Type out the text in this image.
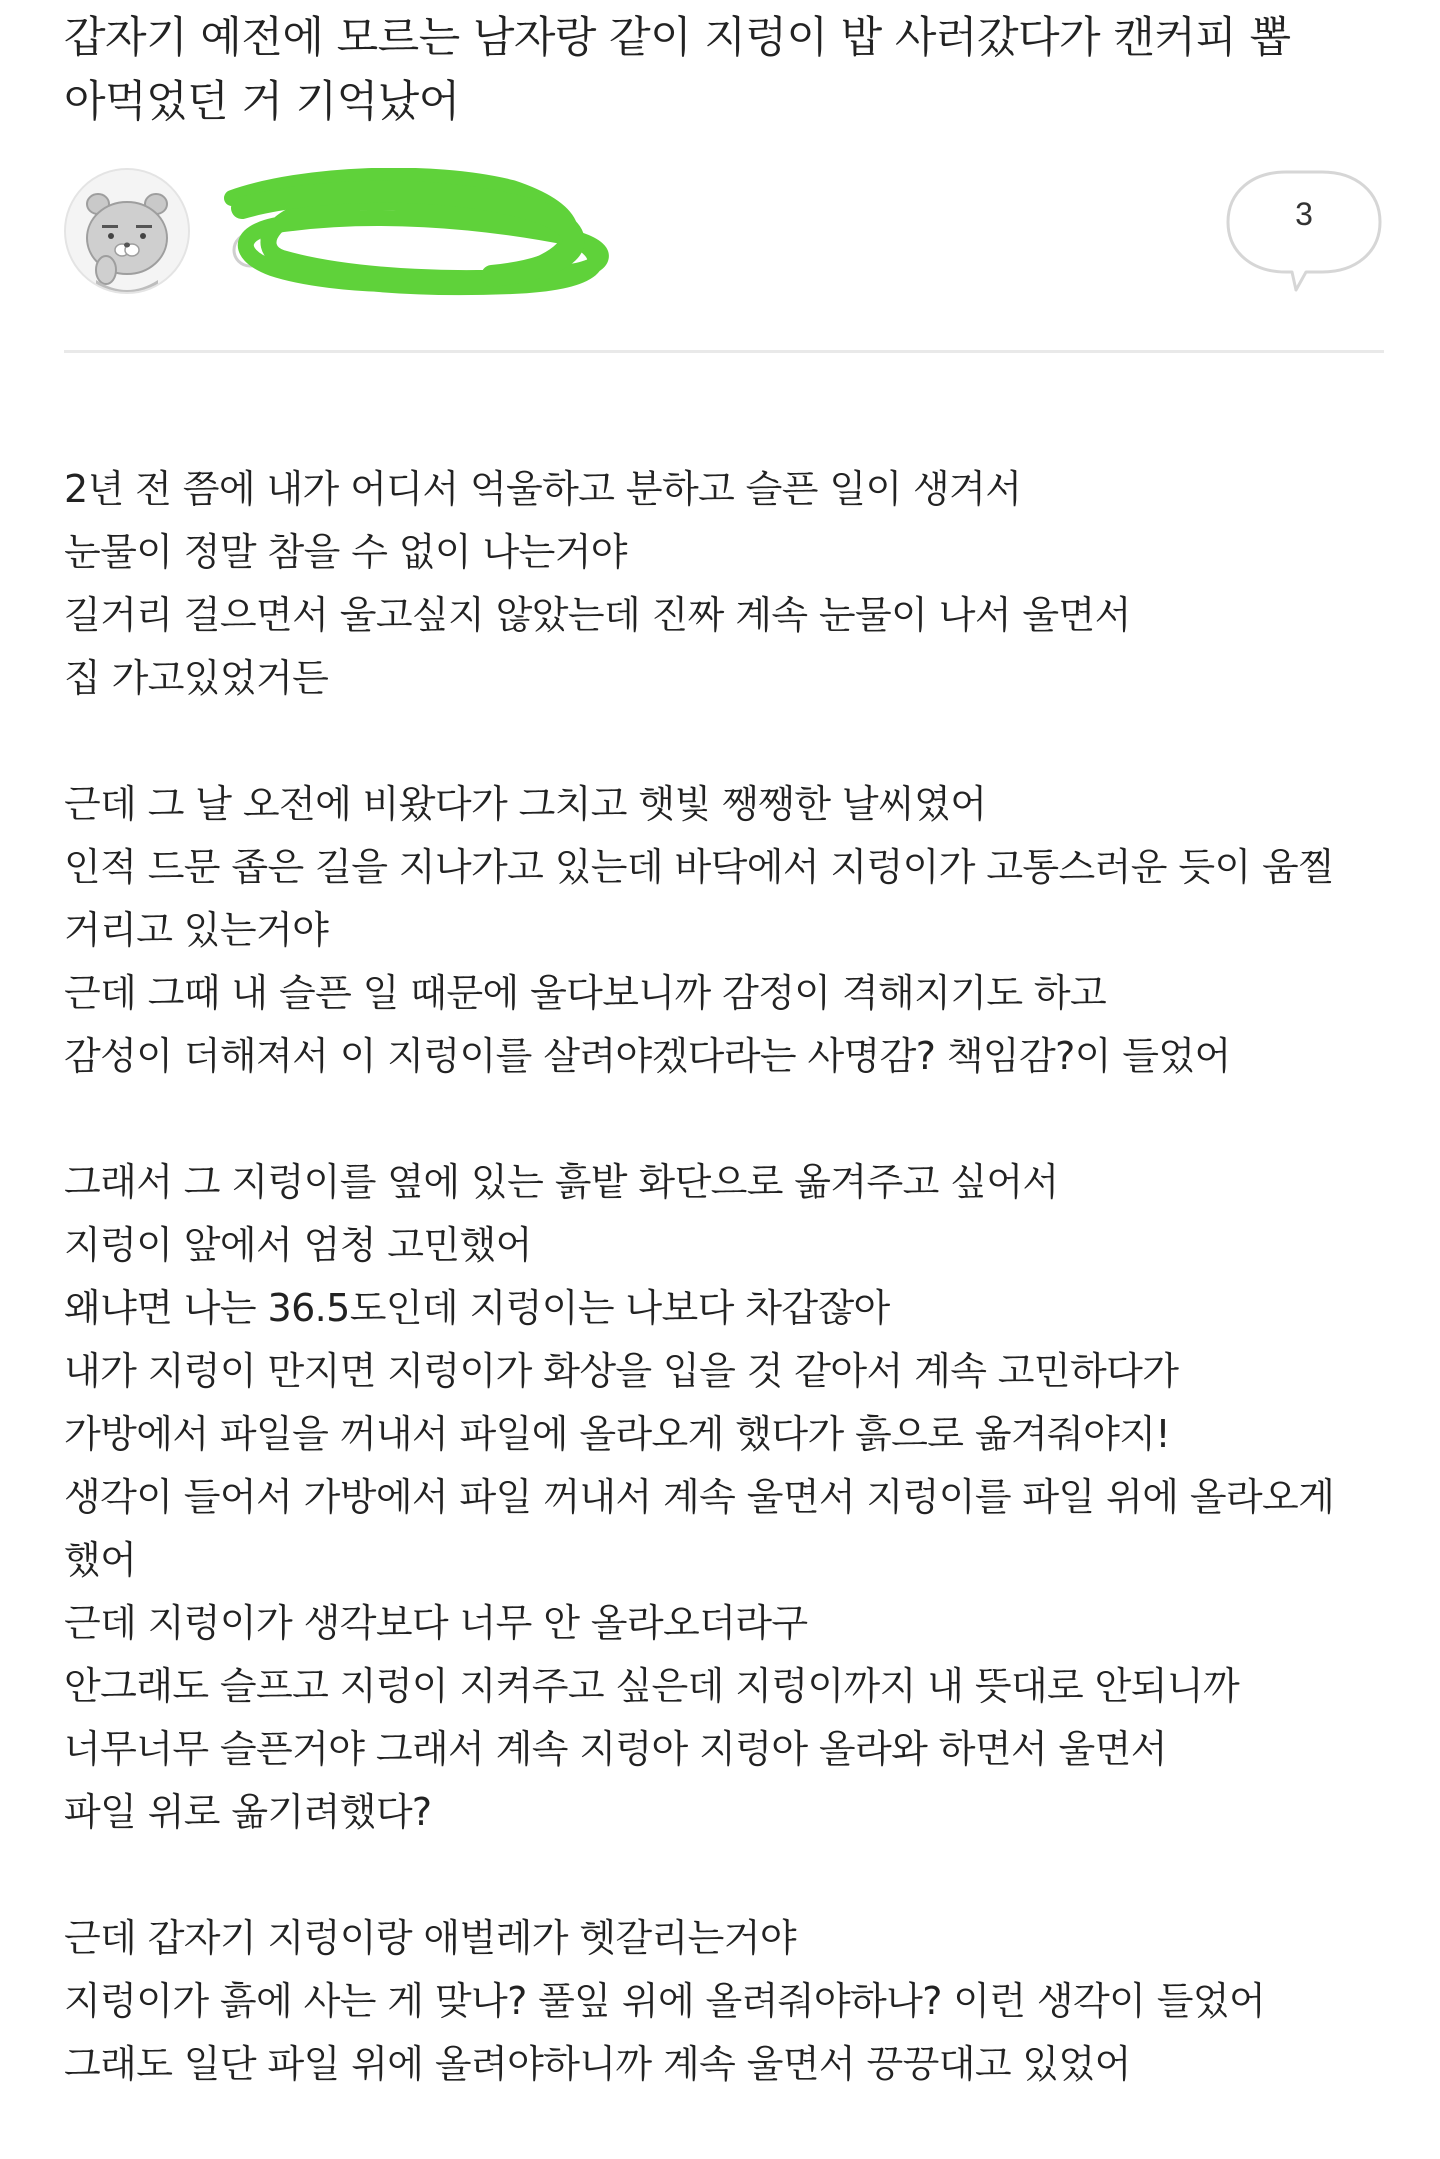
갑자기 예전에 모르는 남자랑 같이 지렁이 밥 사러갔다가 캔커피 뽑
아먹었던 거 기억났어
3
2년 전 쯤에 내가 어디서 억울하고 분하고 슬픈 일이 생겨서
눈물이 정말 참을 수 없이 나는거야
길거리 걸으면서 울고싶지 않았는데 진짜 계속 눈물이 나서 울면서
집 가고있었거든
근데 그 날 오전에 비왔다가 그치고 햇빛 쨍쨍한 날씨였어
인적 드문 좁은 길을 지나가고 있는데 바닥에서 지렁이가 고통스러운 듯이 움찔
거리고 있는거야
근데 그때 내 슬픈 일 때문에 울다보니까 감정이 격해지기도 하고
감성이 더해져서 이 지렁이를 살려야겠다라는 사명감? 책임감?이 들었어
그래서 그 지렁이를 옆에 있는 흙밭 화단으로 옮겨주고 싶어서
지렁이 앞에서 엄청 고민했어
왜냐면 나는 36.5도인데 지렁이는 나보다 차갑잖아
내가 지렁이 만지면 지렁이가 화상을 입을 것 같아서 계속 고민하다가
가방에서 파일을 꺼내서 파일에 올라오게 했다가 흙으로 옮겨줘야지!
생각이 들어서 가방에서 파일 꺼내서 계속 울면서 지렁이를 파일 위에 올라오게
했어
근데 지렁이가 생각보다 너무 안 올라오더라구
안그래도 슬프고 지렁이 지켜주고 싶은데 지렁이까지 내 뜻대로 안되니까
너무너무 슬픈거야 그래서 계속 지렁아 지렁아 올라와 하면서 울면서
파일 위로 옮기려했다?
근데 갑자기 지렁이랑 애벌레가 헷갈리는거야
지렁이가 흙에 사는 게 맞나? 풀잎 위에 올려줘야하나? 이런 생각이 들었어
그래도 일단 파일 위에 올려야하니까 계속 울면서 끙끙대고 있었어
